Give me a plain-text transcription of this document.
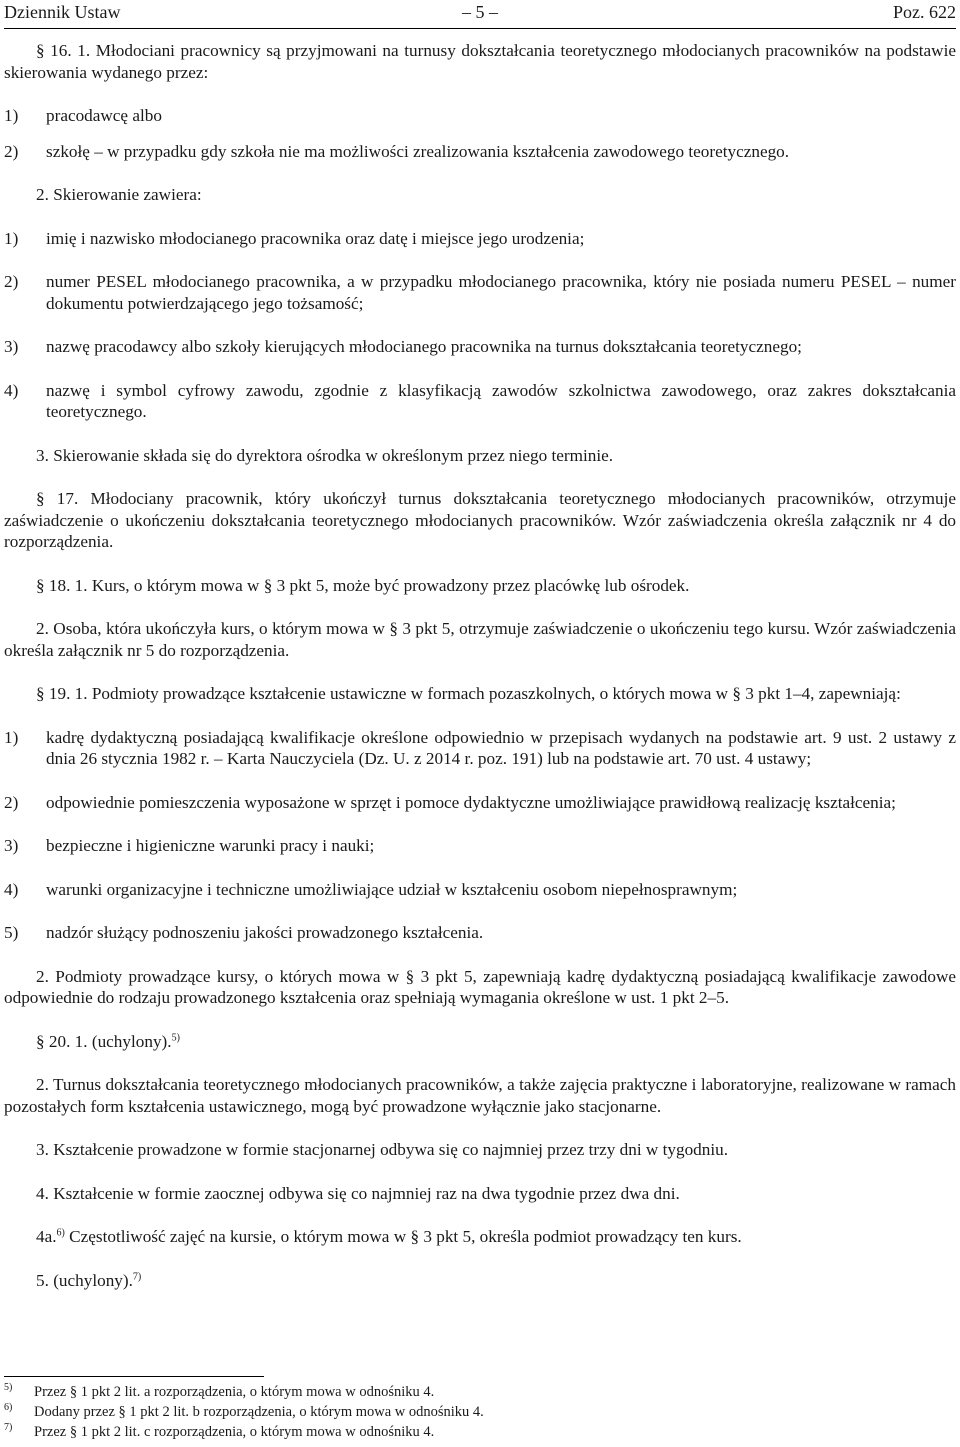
Dziennik Ustaw	– 5 –	Poz. 622

§ 16. 1. Młodociani pracownicy są przyjmowani na turnusy dokształcania teoretycznego młodocianych pracowników na podstawie skierowania wydanego przez:

1) pracodawcę albo
2) szkołę – w przypadku gdy szkoła nie ma możliwości zrealizowania kształcenia zawodowego teoretycznego.

2. Skierowanie zawiera:

1) imię i nazwisko młodocianego pracownika oraz datę i miejsce jego urodzenia;
2) numer PESEL młodocianego pracownika, a w przypadku młodocianego pracownika, który nie posiada numeru PESEL – numer dokumentu potwierdzającego jego tożsamość;
3) nazwę pracodawcy albo szkoły kierujących młodocianego pracownika na turnus dokształcania teoretycznego;
4) nazwę i symbol cyfrowy zawodu, zgodnie z klasyfikacją zawodów szkolnictwa zawodowego, oraz zakres dokształcania teoretycznego.

3. Skierowanie składa się do dyrektora ośrodka w określonym przez niego terminie.

§ 17. Młodociany pracownik, który ukończył turnus dokształcania teoretycznego młodocianych pracowników, otrzymuje zaświadczenie o ukończeniu dokształcania teoretycznego młodocianych pracowników. Wzór zaświadczenia określa załącznik nr 4 do rozporządzenia.

§ 18. 1. Kurs, o którym mowa w § 3 pkt 5, może być prowadzony przez placówkę lub ośrodek.

2. Osoba, która ukończyła kurs, o którym mowa w § 3 pkt 5, otrzymuje zaświadczenie o ukończeniu tego kursu. Wzór zaświadczenia określa załącznik nr 5 do rozporządzenia.

§ 19. 1. Podmioty prowadzące kształcenie ustawiczne w formach pozaszkolnych, o których mowa w § 3 pkt 1–4, zapewniają:

1) kadrę dydaktyczną posiadającą kwalifikacje określone odpowiednio w przepisach wydanych na podstawie art. 9 ust. 2 ustawy z dnia 26 stycznia 1982 r. – Karta Nauczyciela (Dz. U. z 2014 r. poz. 191) lub na podstawie art. 70 ust. 4 ustawy;
2) odpowiednie pomieszczenia wyposażone w sprzęt i pomoce dydaktyczne umożliwiające prawidłową realizację kształcenia;
3) bezpieczne i higieniczne warunki pracy i nauki;
4) warunki organizacyjne i techniczne umożliwiające udział w kształceniu osobom niepełnosprawnym;
5) nadzór służący podnoszeniu jakości prowadzonego kształcenia.

2. Podmioty prowadzące kursy, o których mowa w § 3 pkt 5, zapewniają kadrę dydaktyczną posiadającą kwalifikacje zawodowe odpowiednie do rodzaju prowadzonego kształcenia oraz spełniają wymagania określone w ust. 1 pkt 2–5.

§ 20. 1. (uchylony).$^{5)}$

2. Turnus dokształcania teoretycznego młodocianych pracowników, a także zajęcia praktyczne i laboratoryjne, realizowane w ramach pozostałych form kształcenia ustawicznego, mogą być prowadzone wyłącznie jako stacjonarne.

3. Kształcenie prowadzone w formie stacjonarnej odbywa się co najmniej przez trzy dni w tygodniu.

4. Kształcenie w formie zaocznej odbywa się co najmniej raz na dwa tygodnie przez dwa dni.

4a.$^{6)}$ Częstotliwość zajęć na kursie, o którym mowa w § 3 pkt 5, określa podmiot prowadzący ten kurs.

5. (uchylony).$^{7)}$

5) Przez § 1 pkt 2 lit. a rozporządzenia, o którym mowa w odnośniku 4.
6) Dodany przez § 1 pkt 2 lit. b rozporządzenia, o którym mowa w odnośniku 4.
7) Przez § 1 pkt 2 lit. c rozporządzenia, o którym mowa w odnośniku 4.
